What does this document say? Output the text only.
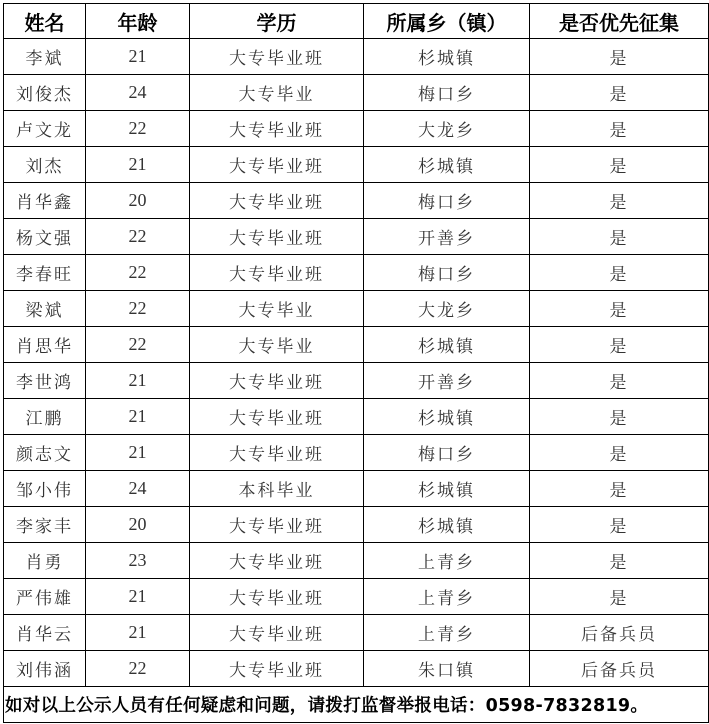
姓名	年龄	学历	所属乡（镇）	是否优先征集
李斌	21	大专毕业班	杉城镇	是
刘俊杰	24	大专毕业	梅口乡	是
卢文龙	22	大专毕业班	大龙乡	是
刘杰	21	大专毕业班	杉城镇	是
肖华鑫	20	大专毕业班	梅口乡	是
杨文强	22	大专毕业班	开善乡	是
李春旺	22	大专毕业班	梅口乡	是
梁斌	22	大专毕业	大龙乡	是
肖思华	22	大专毕业	杉城镇	是
李世鸿	21	大专毕业班	开善乡	是
江鹏	21	大专毕业班	杉城镇	是
颜志文	21	大专毕业班	梅口乡	是
邹小伟	24	本科毕业	杉城镇	是
李家丰	20	大专毕业班	杉城镇	是
肖勇	23	大专毕业班	上青乡	是
严伟雄	21	大专毕业班	上青乡	是
肖华云	21	大专毕业班	上青乡	后备兵员
刘伟涵	22	大专毕业班	朱口镇	后备兵员
如对以上公示人员有任何疑虑和问题，请拨打监督举报电话：0598-7832819。				
